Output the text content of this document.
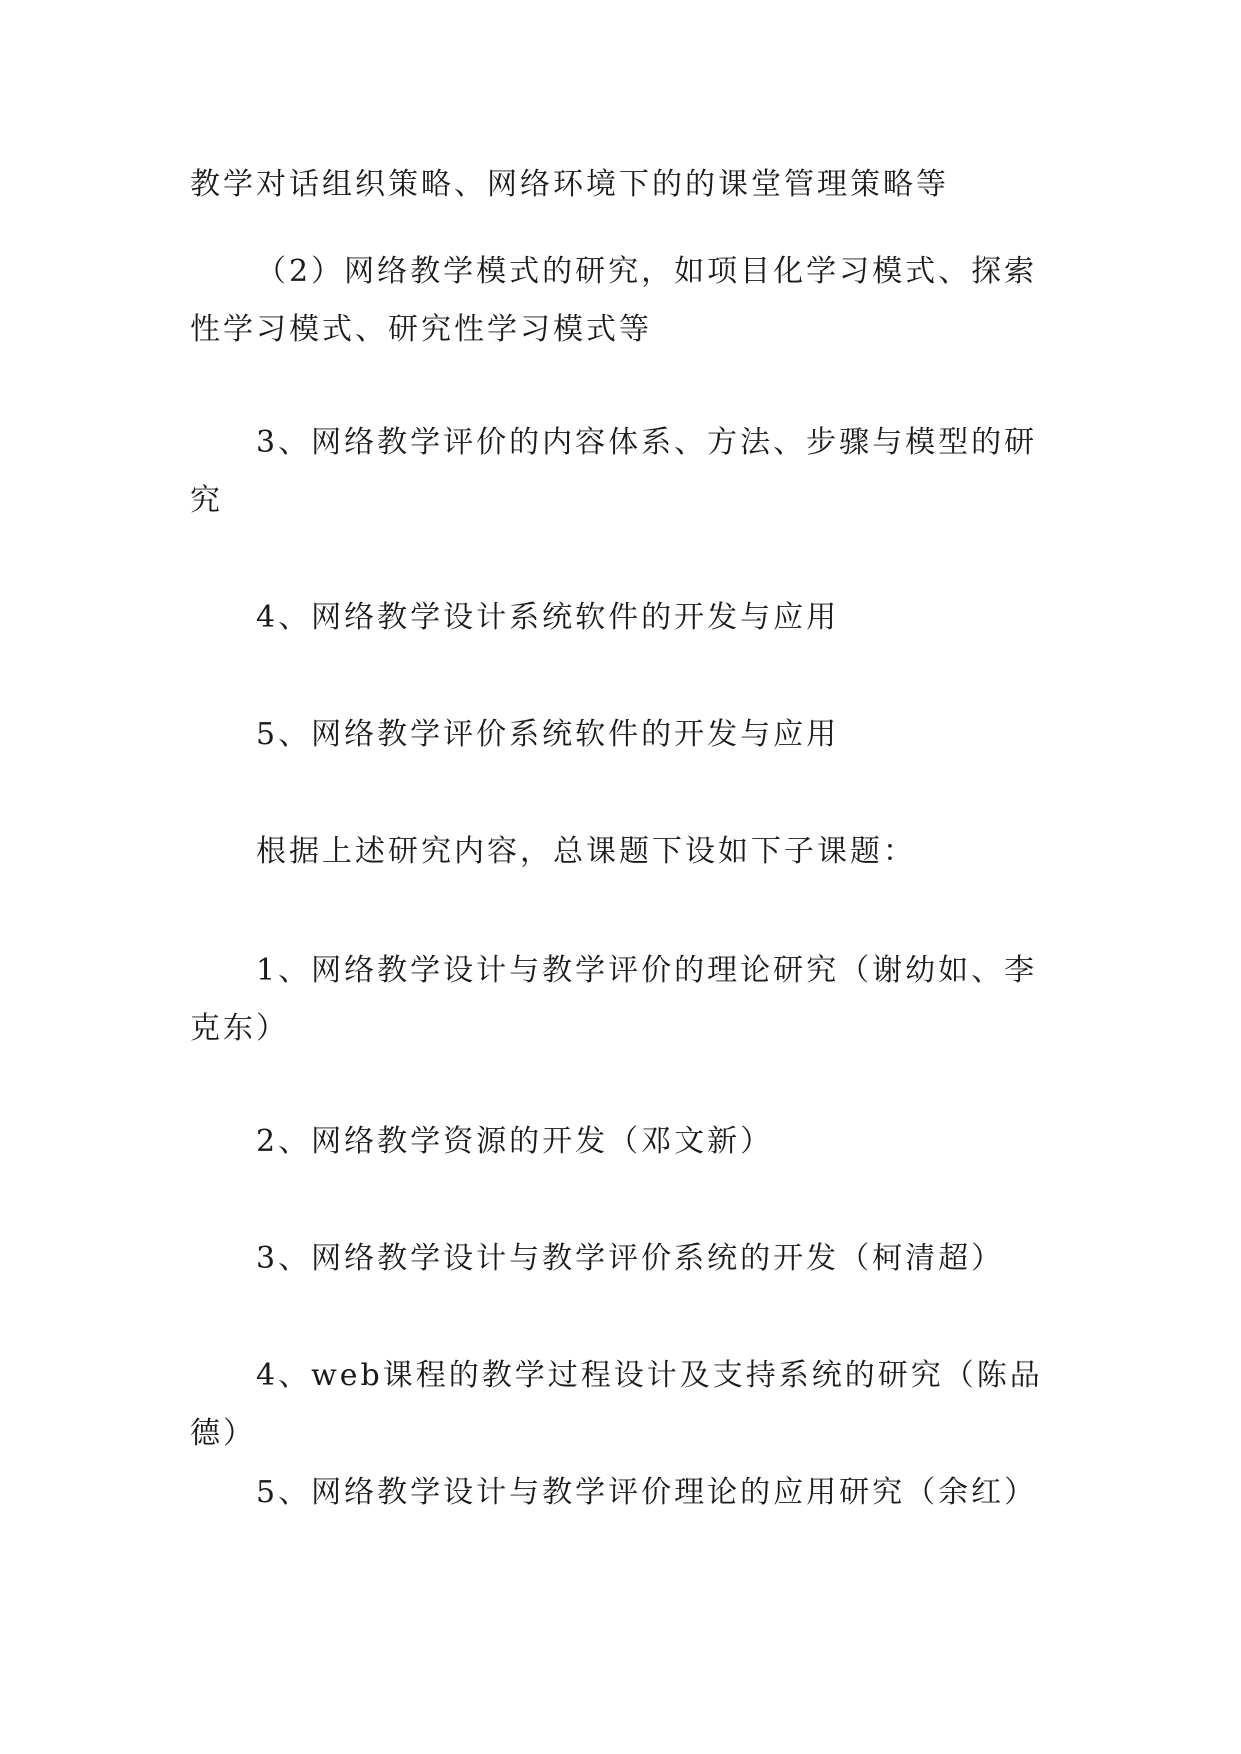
教学对话组织策略、网络环境下的的课堂管理策略等

（2）网络教学模式的研究，如项目化学习模式、探索性学习模式、研究性学习模式等

3、网络教学评价的内容体系、方法、步骤与模型的研究

4、网络教学设计系统软件的开发与应用

5、网络教学评价系统软件的开发与应用

根据上述研究内容，总课题下设如下子课题：

1、网络教学设计与教学评价的理论研究（谢幼如、李克东）

2、网络教学资源的开发（邓文新）

3、网络教学设计与教学评价系统的开发（柯清超）

4、web课程的教学过程设计及支持系统的研究（陈品德）

5、网络教学设计与教学评价理论的应用研究（余红）
